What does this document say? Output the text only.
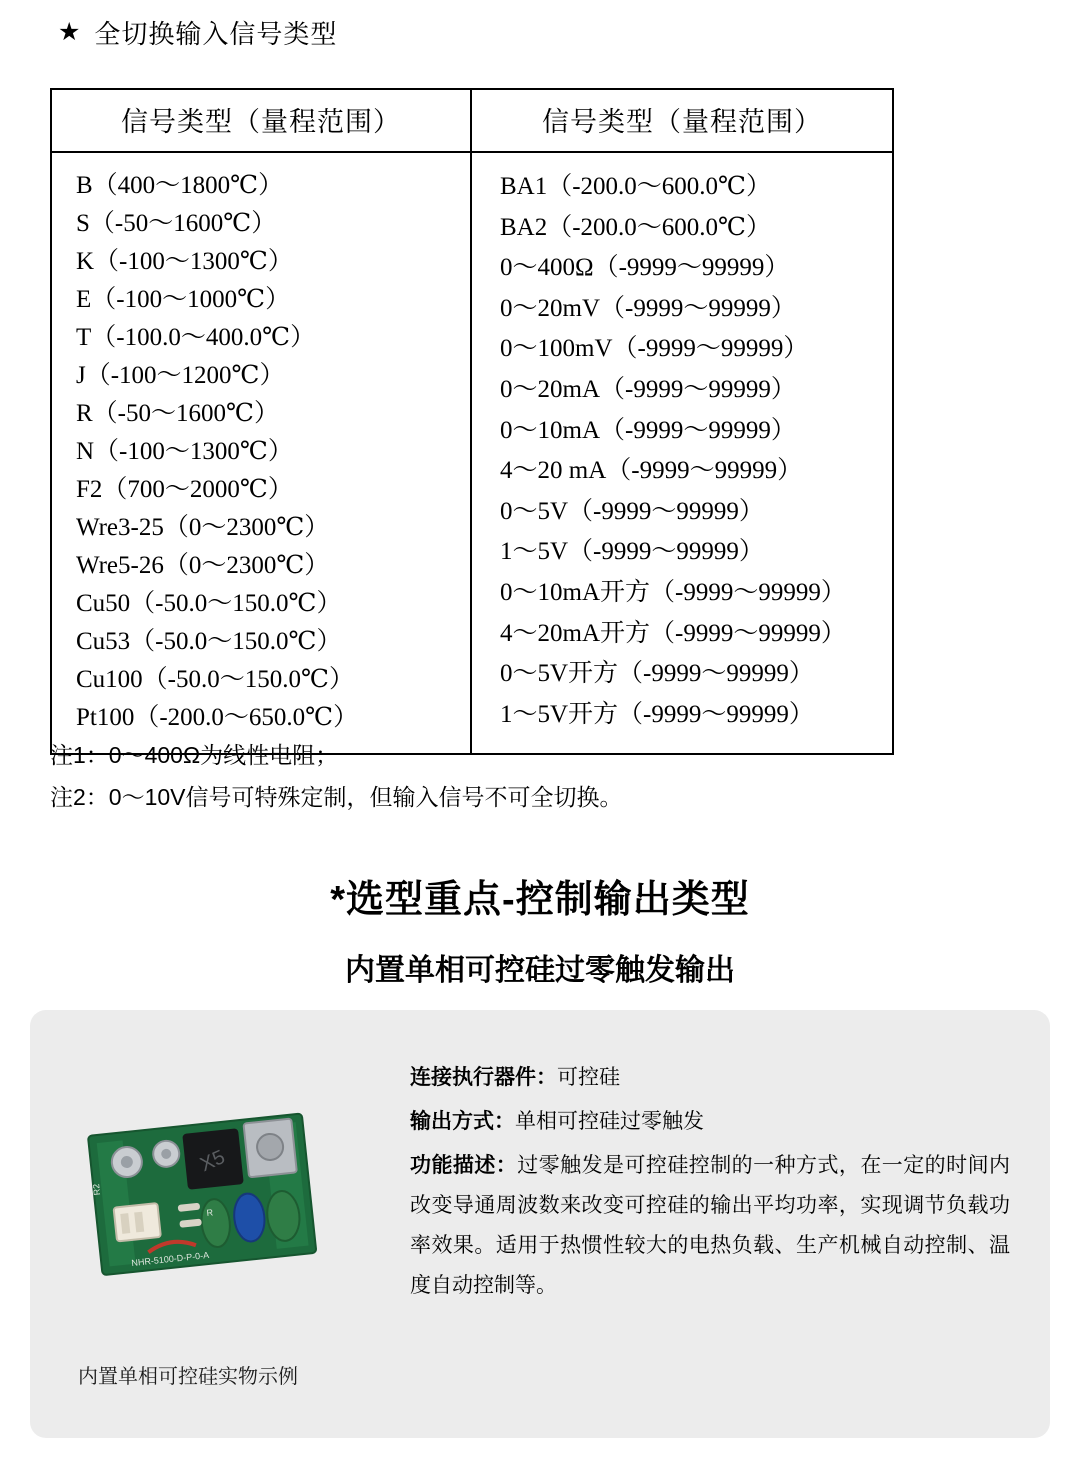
★ 全切换输入信号类型
信号类型（量程范围）	信号类型（量程范围）
B（400～1800℃）
S（-50～1600℃）
K（-100～1300℃）
E（-100～1000℃）
T（-100.0～400.0℃）
J（-100～1200℃）
R（-50～1600℃）
N（-100～1300℃）
F2（700～2000℃）
Wre3-25（0～2300℃）
Wre5-26（0～2300℃）
Cu50（-50.0～150.0℃）
Cu53（-50.0～150.0℃）
Cu100（-50.0～150.0℃）
Pt100（-200.0～650.0℃）
BA1（-200.0～600.0℃）
BA2（-200.0～600.0℃）
0～400Ω（-9999～99999）
0～20mV（-9999～99999）
0～100mV（-9999～99999）
0～20mA（-9999～99999）
0～10mA（-9999～99999）
4～20 mA（-9999～99999）
0～5V（-9999～99999）
1～5V（-9999～99999）
0～10mA开方（-9999～99999）
4～20mA开方（-9999～99999）
0～5V开方（-9999～99999）
1～5V开方（-9999～99999）
注1：0～400Ω为线性电阻；
注2：0～10V信号可特殊定制，但输入信号不可全切换。
*选型重点-控制输出类型
内置单相可控硅过零触发输出
X5
NHR-5100-D-P-0-A
R2
R
内置单相可控硅实物示例
连接执行器件：可控硅
输出方式：单相可控硅过零触发
功能描述：过零触发是可控硅控制的一种方式，在一定的时间内改变导通周波数来改变可控硅的输出平均功率，实现调节负载功率效果。适用于热惯性较大的电热负载、生产机械自动控制、温度自动控制等。
